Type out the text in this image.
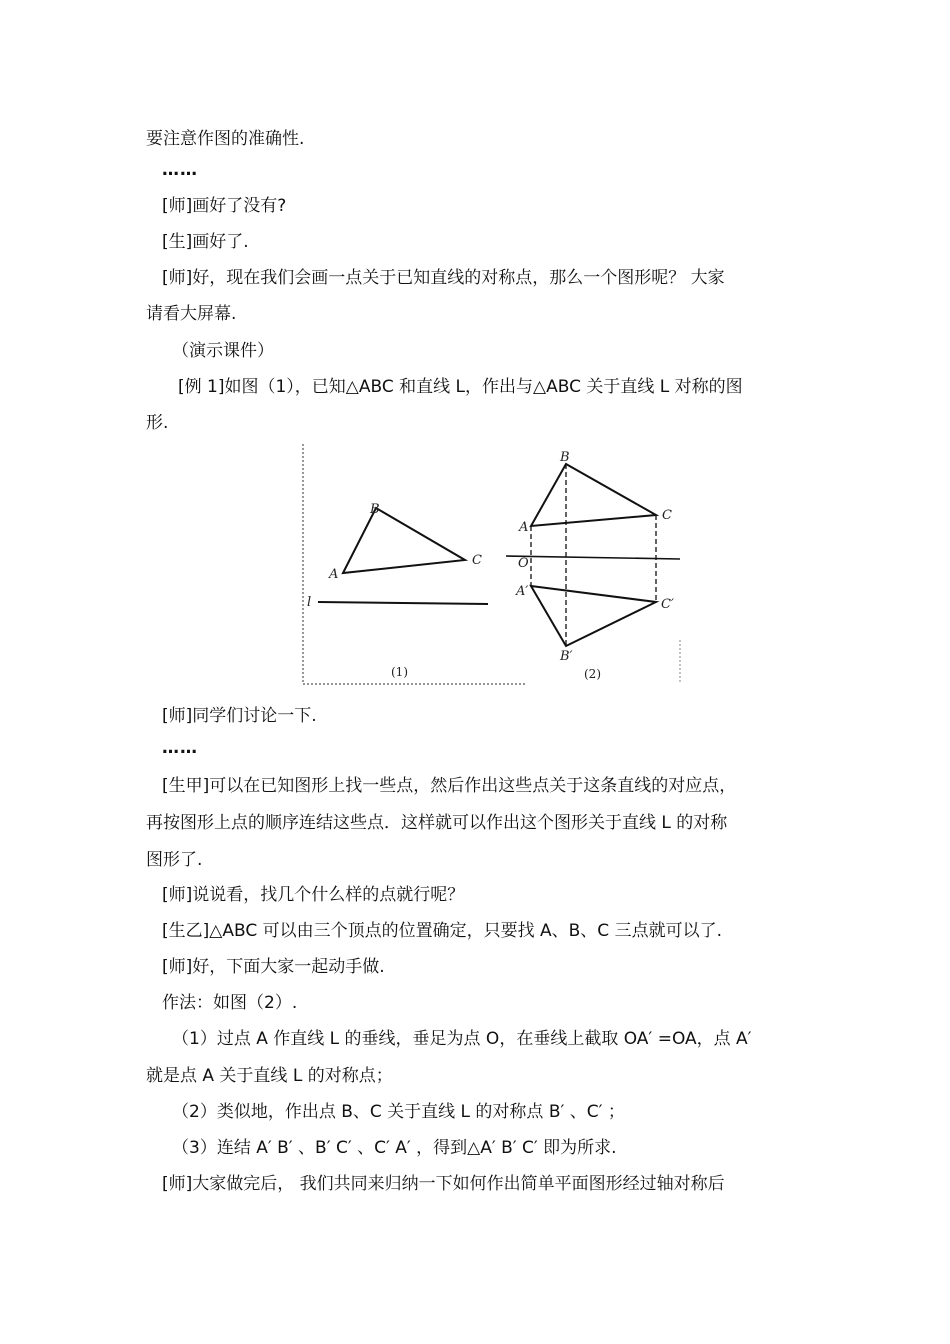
要注意作图的准确性.
……
[师]画好了没有?
[生]画好了.
[师]好，现在我们会画一点关于已知直线的对称点，那么一个图形呢？ 大家
请看大屏幕.
（演示课件）
[例 1]如图（1），已知△ABC 和直线 L，作出与△ABC 关于直线 L 对称的图
形.
B
A
C
l
(1)
B
A
C
O
A′
C′
B′
(2)
[师]同学们讨论一下.
……
[生甲]可以在已知图形上找一些点，然后作出这些点关于这条直线的对应点，
再按图形上点的顺序连结这些点．这样就可以作出这个图形关于直线 L 的对称
图形了.
[师]说说看，找几个什么样的点就行呢？
[生乙]△ABC 可以由三个顶点的位置确定，只要找 A、B、C 三点就可以了.
[师]好，下面大家一起动手做.
作法：如图（2）.
（1）过点 A 作直线 L 的垂线，垂足为点 O，在垂线上截取 OA′ =OA，点 A′
就是点 A 关于直线 L 的对称点；
（2）类似地，作出点 B、C 关于直线 L 的对称点 B′ 、C′ ；
（3）连结 A′ B′ 、B′ C′ 、C′ A′ ，得到△A′ B′ C′ 即为所求.
[师]大家做完后， 我们共同来归纳一下如何作出简单平面图形经过轴对称后
